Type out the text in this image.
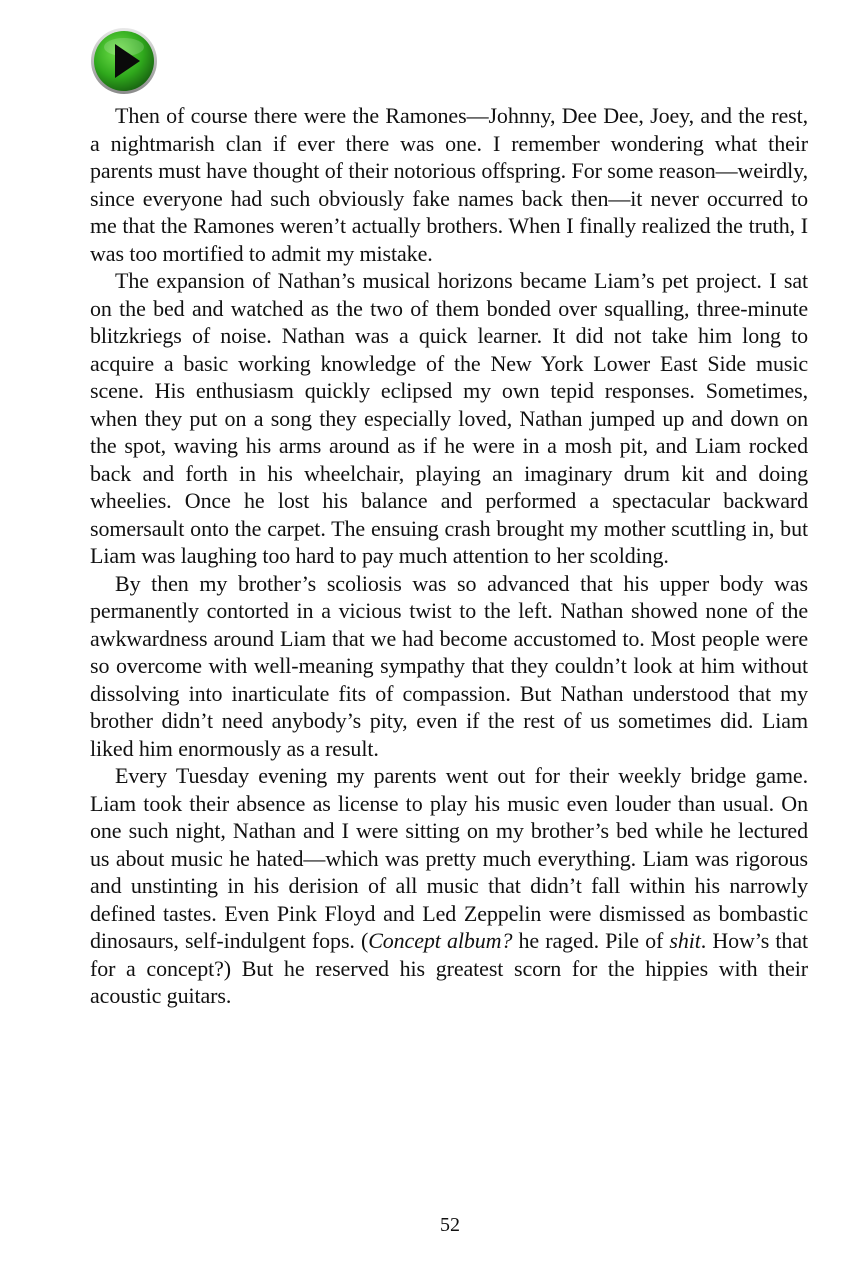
Then of course there were the Ramones—Johnny, Dee Dee, Joey, and the rest, a nightmarish clan if ever there was one. I remember wondering what their parents must have thought of their notorious offspring. For some reason—weirdly, since everyone had such obviously fake names back then—it never occurred to me that the Ramones weren’t actually brothers. When I finally realized the truth, I was too mortified to admit my mistake.

The expansion of Nathan’s musical horizons became Liam’s pet project. I sat on the bed and watched as the two of them bonded over squalling, three-minute blitzkriegs of noise. Nathan was a quick learner. It did not take him long to acquire a basic working knowledge of the New York Lower East Side music scene. His enthusiasm quickly eclipsed my own tepid responses. Sometimes, when they put on a song they especially loved, Nathan jumped up and down on the spot, waving his arms around as if he were in a mosh pit, and Liam rocked back and forth in his wheelchair, playing an imaginary drum kit and doing wheelies. Once he lost his balance and performed a spectacular backward somersault onto the carpet. The ensuing crash brought my mother scuttling in, but Liam was laughing too hard to pay much attention to her scolding.

By then my brother’s scoliosis was so advanced that his upper body was permanently contorted in a vicious twist to the left. Nathan showed none of the awkwardness around Liam that we had become accustomed to. Most people were so overcome with well-meaning sympathy that they couldn’t look at him without dissolving into inarticulate fits of compassion. But Nathan understood that my brother didn’t need anybody’s pity, even if the rest of us sometimes did. Liam liked him enormously as a result.

Every Tuesday evening my parents went out for their weekly bridge game. Liam took their absence as license to play his music even louder than usual. On one such night, Nathan and I were sitting on my brother’s bed while he lectured us about music he hated—which was pretty much everything. Liam was rigorous and unstinting in his derision of all music that didn’t fall within his narrowly defined tastes. Even Pink Floyd and Led Zeppelin were dismissed as bombastic dinosaurs, self-indulgent fops. (Concept album? he raged. Pile of shit. How’s that for a concept?) But he reserved his greatest scorn for the hippies with their acoustic guitars.

52
